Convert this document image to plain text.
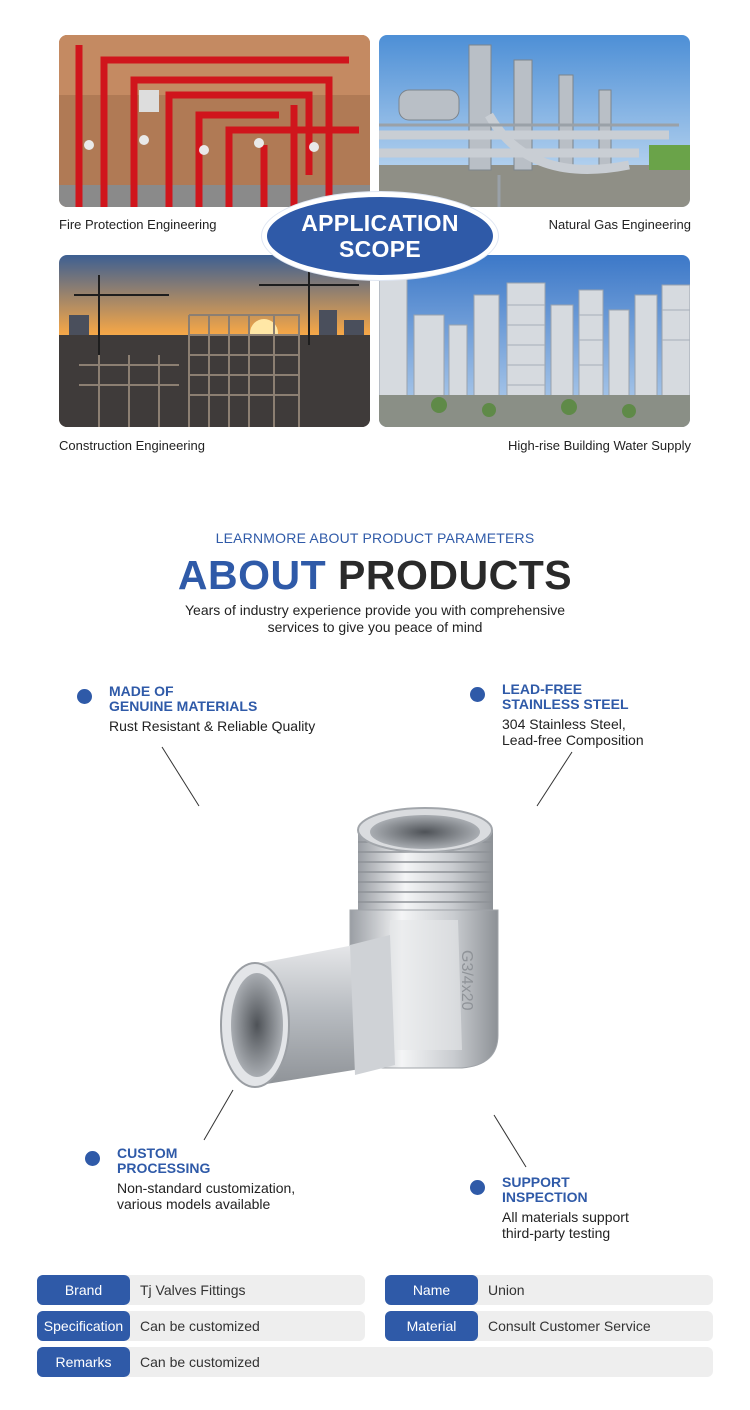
Fire Protection Engineering	Natural Gas Engineering
Construction Engineering	High-rise Building Water Supply
APPLICATION
SCOPE
LEARNMORE ABOUT PRODUCT PARAMETERS
ABOUT PRODUCTS
Years of industry experience provide you with comprehensive
services to give you peace of mind
MADE OF
GENUINE MATERIALS
Rust Resistant & Reliable Quality
LEAD-FREE
STAINLESS STEEL
304 Stainless Steel,
Lead-free Composition
CUSTOM
PROCESSING
Non-standard customization,
various models available
SUPPORT
INSPECTION
All materials support
third-party testing
G3/4x20
Brand	Tj Valves Fittings	Name	Union
Specification	Can be customized	Material	Consult Customer Service
Remarks	Can be customized
